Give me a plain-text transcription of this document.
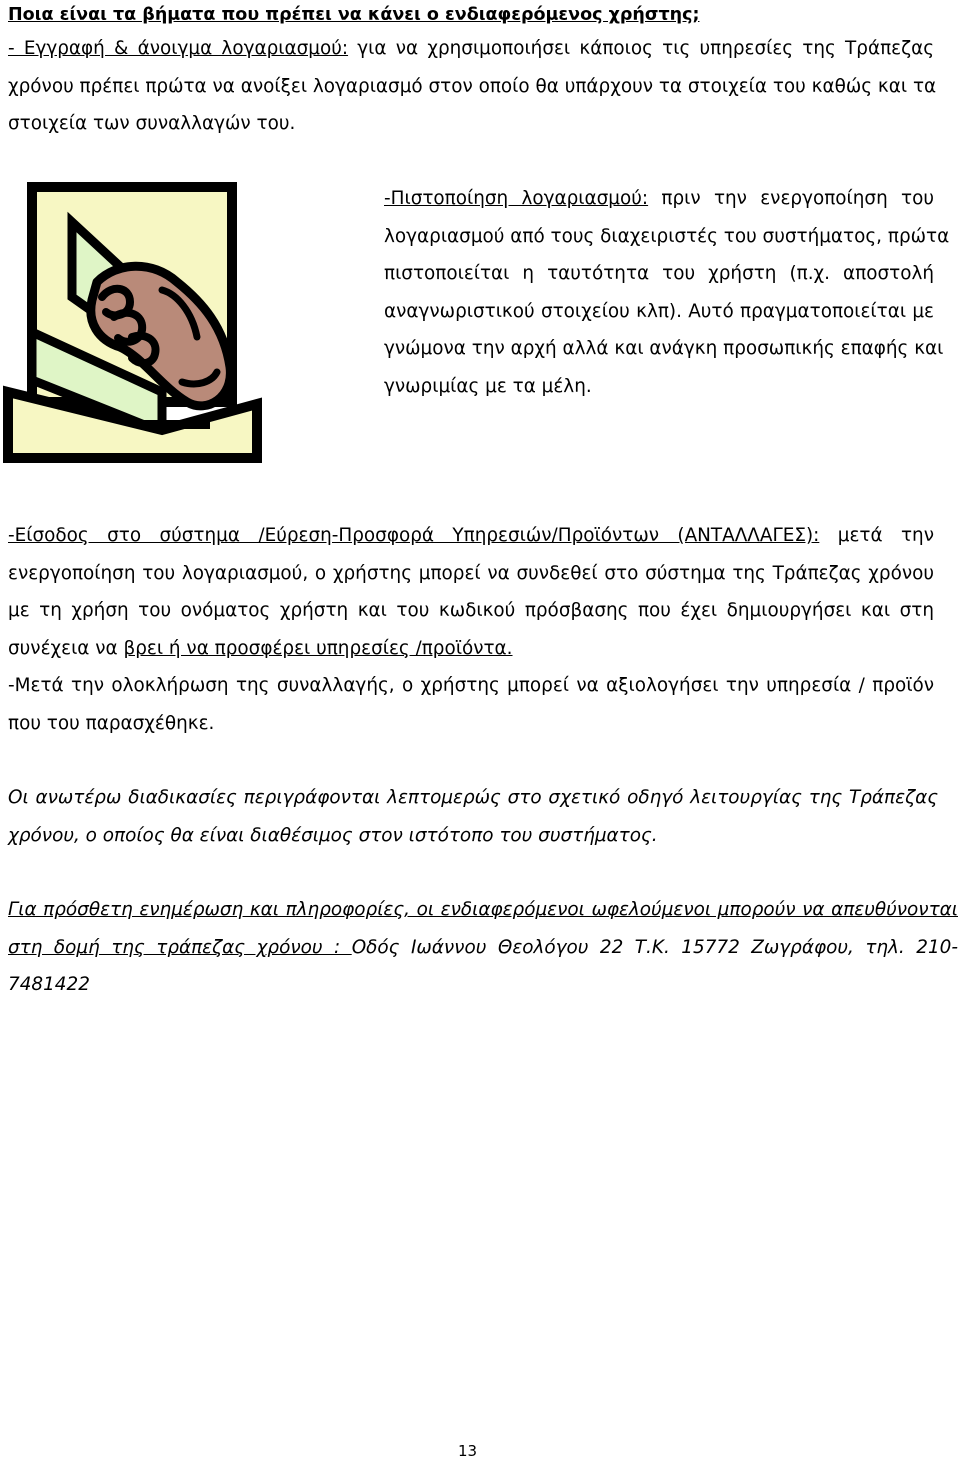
Ποια είναι τα βήματα που πρέπει να κάνει ο ενδιαφερόμενος χρήστης;
- Εγγραφή & άνοιγμα λογαριασμού: για να χρησιμοποιήσει κάποιος τις υπηρεσίες της Τράπεζας
χρόνου πρέπει πρώτα να ανοίξει λογαριασμό στον οποίο θα υπάρχουν τα στοιχεία του καθώς και τα
στοιχεία των συναλλαγών του.
-Πιστοποίηση λογαριασμού: πριν την ενεργοποίηση του
λογαριασμού από τους διαχειριστές του συστήματος, πρώτα
πιστοποιείται η ταυτότητα του χρήστη (π.χ. αποστολή
αναγνωριστικού στοιχείου κλπ). Αυτό πραγματοποιείται με
γνώμονα την αρχή αλλά και ανάγκη προσωπικής επαφής και
γνωριμίας με τα μέλη.
-Είσοδος στο σύστημα /Εύρεση-Προσφορά Υπηρεσιών/Προϊόντων (ΑΝΤΑΛΛΑΓΕΣ): μετά την
ενεργοποίηση του λογαριασμού, ο χρήστης μπορεί να συνδεθεί στο σύστημα της Τράπεζας χρόνου
με τη χρήση του ονόματος χρήστη και του κωδικού πρόσβασης που έχει δημιουργήσει και στη
συνέχεια να βρει ή να προσφέρει υπηρεσίες /προϊόντα.
-Μετά την ολοκλήρωση της συναλλαγής, ο χρήστης μπορεί να αξιολογήσει την υπηρεσία / προϊόν
που του παρασχέθηκε.
Οι ανωτέρω διαδικασίες περιγράφονται λεπτομερώς στο σχετικό οδηγό λειτουργίας της Τράπεζας
χρόνου, ο οποίος θα είναι διαθέσιμος στον ιστότοπο του συστήματος.
Για πρόσθετη ενημέρωση και πληροφορίες, οι ενδιαφερόμενοι ωφελούμενοι μπορούν να απευθύνονται
στη δομή της τράπεζας χρόνου : Οδός Ιωάννου Θεολόγου 22 Τ.Κ. 15772 Ζωγράφου, τηλ. 210-
7481422
13
